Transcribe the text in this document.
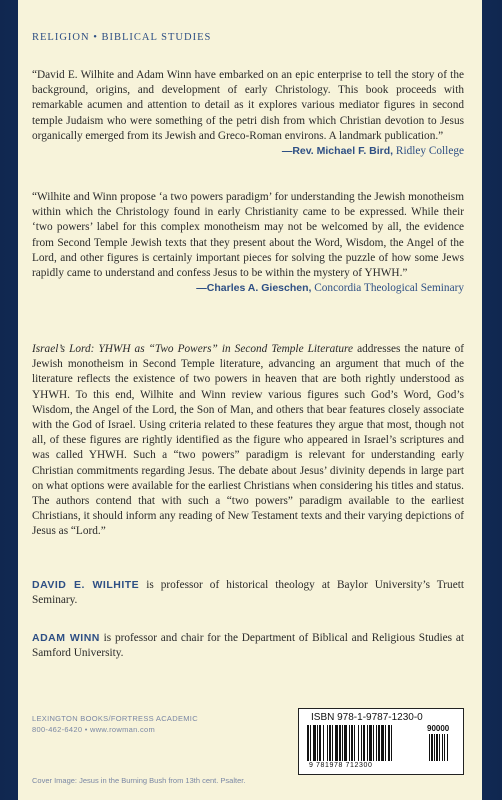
RELIGION • BIBLICAL STUDIES

“David E. Wilhite and Adam Winn have embarked on an epic enterprise to tell the story of the background, origins, and development of early Christology. This book proceeds with remarkable acumen and attention to detail as it explores various mediator figures in second temple Judaism who were something of the petri dish from which Christian devotion to Jesus organically emerged from its Jewish and Greco-Roman environs. A landmark publication.”

—Rev. Michael F. Bird, Ridley College

“Wilhite and Winn propose ‘a two powers paradigm’ for understanding the Jewish monotheism within which the Christology found in early Christianity came to be expressed. While their ‘two powers’ label for this complex monotheism may not be welcomed by all, the evidence from Second Temple Jewish texts that they present about the Word, Wisdom, the Angel of the Lord, and other figures is certainly important pieces for solving the puzzle of how some Jews rapidly came to understand and confess Jesus to be within the mystery of YHWH.”

—Charles A. Gieschen, Concordia Theological Seminary

Israel’s Lord: YHWH as “Two Powers” in Second Temple Literature addresses the nature of Jewish monotheism in Second Temple literature, advancing an argument that much of the literature reflects the existence of two powers in heaven that are both rightly understood as YHWH. To this end, Wilhite and Winn review various figures such God’s Word, God’s Wisdom, the Angel of the Lord, the Son of Man, and others that bear features closely associate with the God of Israel. Using criteria related to these features they argue that most, though not all, of these figures are rightly identified as the figure who appeared in Israel’s scriptures and was called YHWH. Such a “two powers” paradigm is relevant for understanding early Christian commitments regarding Jesus. The debate about Jesus’ divinity depends in large part on what options were available for the earliest Christians when considering his titles and status. The authors contend that with such a “two powers” paradigm available to the earliest Christians, it should inform any reading of New Testament texts and their varying depictions of Jesus as “Lord.”

DAVID E. WILHITE is professor of historical theology at Baylor University’s Truett Seminary.

ADAM WINN is professor and chair for the Department of Biblical and Religious Studies at Samford University.

LEXINGTON BOOKS/FORTRESS ACADEMIC
800-462-6420 • www.rowman.com
ISBN 978-1-9787-1230-0
90000
9 781978 712300
Cover Image: Jesus in the Burning Bush from 13th cent. Psalter.
